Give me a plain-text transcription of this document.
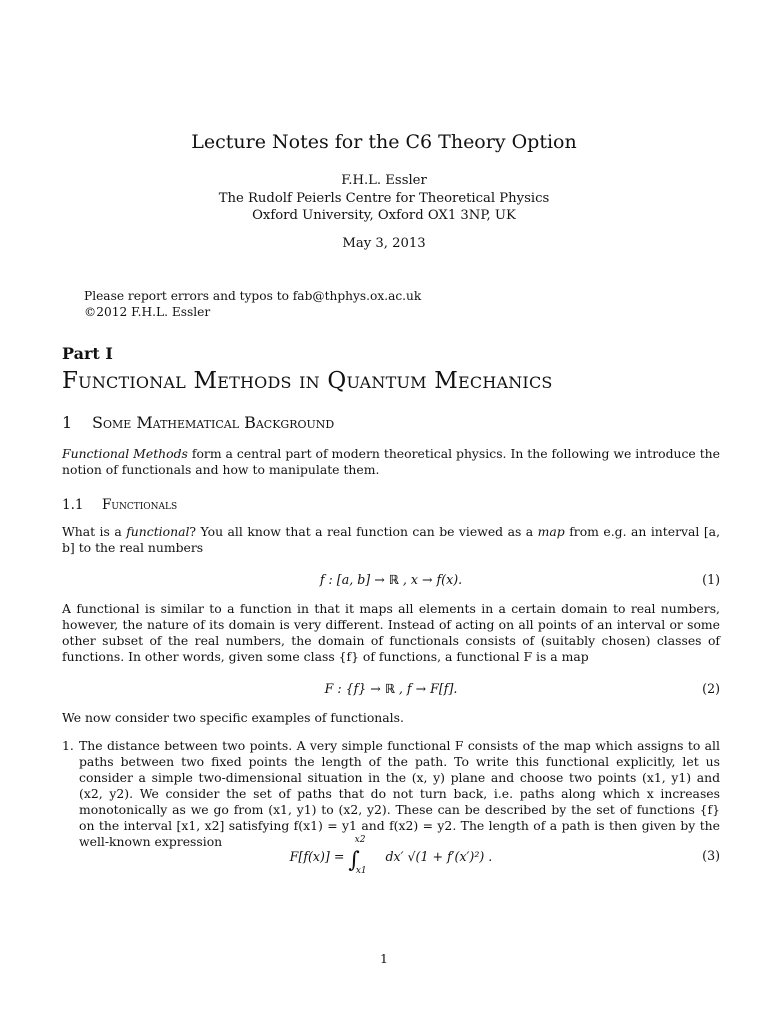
Lecture Notes for the C6 Theory Option
F.H.L. Essler
The Rudolf Peierls Centre for Theoretical Physics
Oxford University, Oxford OX1 3NP, UK
May 3, 2013
Please report errors and typos to fab@thphys.ox.ac.uk
©2012 F.H.L. Essler
Part I
Functional Methods in Quantum Mechanics
1 Some Mathematical Background
Functional Methods form a central part of modern theoretical physics. In the following we introduce the notion of functionals and how to manipulate them.
1.1 Functionals
What is a functional? You all know that a real function can be viewed as a map from e.g. an interval [a, b] to the real numbers
f : [a, b] → ℝ , x → f(x).	(1)
A functional is similar to a function in that it maps all elements in a certain domain to real numbers, however, the nature of its domain is very different. Instead of acting on all points of an interval or some other subset of the real numbers, the domain of functionals consists of (suitably chosen) classes of functions. In other words, given some class {f} of functions, a functional F is a map
F : {f} → ℝ , f → F[f].	(2)
We now consider two specific examples of functionals.
1. The distance between two points. A very simple functional F consists of the map which assigns to all paths between two fixed points the length of the path. To write this functional explicitly, let us consider a simple two-dimensional situation in the (x, y) plane and choose two points (x1, y1) and (x2, y2). We consider the set of paths that do not turn back, i.e. paths along which x increases monotonically as we go from (x1, y1) to (x2, y2). These can be described by the set of functions {f} on the interval [x1, x2] satisfying f(x1) = y1 and f(x2) = y2. The length of a path is then given by the well-known expression
$F[f(x)] = \int_{x1}^{x2}$ dx′ √(1 + f′(x′)²) .	(3)
1
